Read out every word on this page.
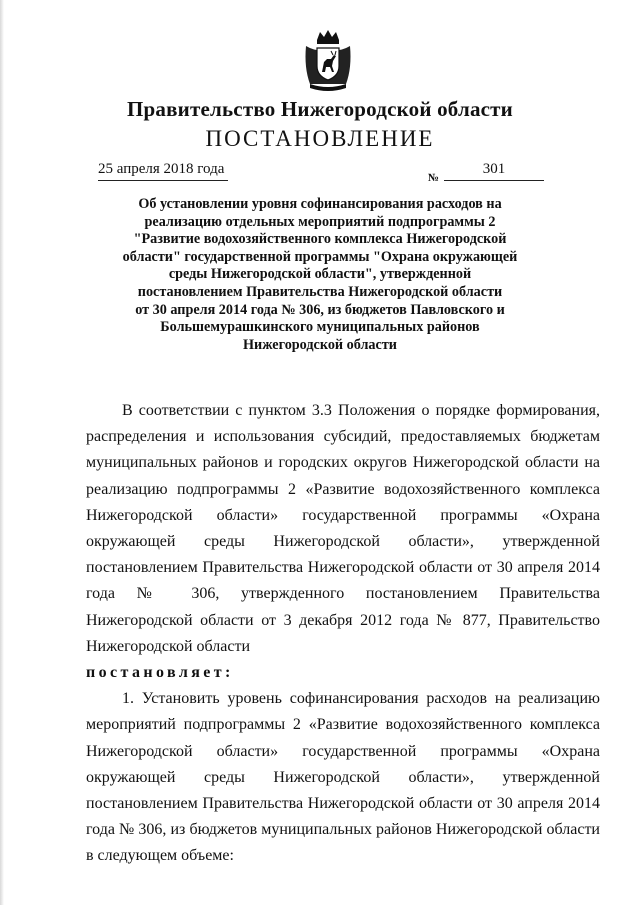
Правительство Нижегородской области
ПОСТАНОВЛЕНИЕ
25 апреля 2018 года
№
301
Об установлении уровня софинансирования расходов на
реализацию отдельных мероприятий подпрограммы 2
"Развитие водохозяйственного комплекса Нижегородской
области" государственной программы "Охрана окружающей
среды Нижегородской области", утвержденной
постановлением Правительства Нижегородской области
от 30 апреля 2014 года № 306, из бюджетов Павловского и
Большемурашкинского муниципальных районов
Нижегородской области

В соответствии с пунктом 3.3 Положения о порядке формирования, распределения и использования субсидий, предоставляемых бюджетам муниципальных районов и городских округов Нижегородской области на реализацию подпрограммы 2 «Развитие водохозяйственного комплекса Нижегородской области» государственной программы «Охрана окружающей среды Нижегородской области», утвержденной постановлением Правительства Нижегородской области от 30 апреля 2014 года № 306, утвержденного постановлением Правительства Нижегородской области от 3 декабря 2012 года № 877, Правительство Нижегородской области

постановляет:

1. Установить уровень софинансирования расходов на реализацию мероприятий подпрограммы 2 «Развитие водохозяйственного комплекса Нижегородской области» государственной программы «Охрана окружающей среды Нижегородской области», утвержденной постановлением Правительства Нижегородской области от 30 апреля 2014 года № 306, из бюджетов муниципальных районов Нижегородской области в следующем объеме:
